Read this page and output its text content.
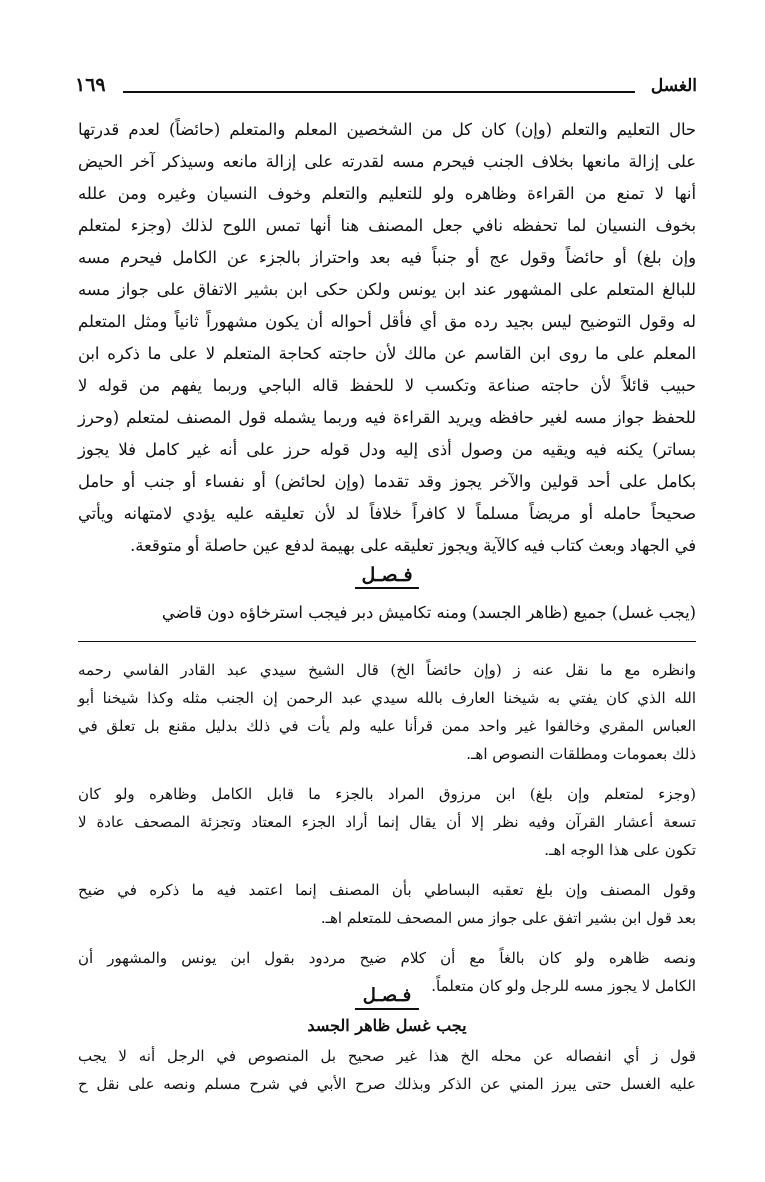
الغسل
١٦٩
حال التعليم والتعلم (وإن) كان كل من الشخصين المعلم والمتعلم (حائضاً) لعدم قدرتها
على إزالة مانعها بخلاف الجنب فيحرم مسه لقدرته على إزالة مانعه وسيذكر آخر الحيض
أنها لا تمنع من القراءة وظاهره ولو للتعليم والتعلم وخوف النسيان وغيره ومن علله
بخوف النسيان لما تحفظه نافي جعل المصنف هنا أنها تمس اللوح لذلك (وجزء لمتعلم
وإن بلغ) أو حائضاً وقول عج أو جنباً فيه بعد واحتراز بالجزء عن الكامل فيحرم مسه
للبالغ المتعلم على المشهور عند ابن يونس ولكن حكى ابن بشير الاتفاق على جواز مسه
له وقول التوضيح ليس بجيد رده مق أي فأقل أحواله أن يكون مشهوراً ثانياً ومثل المتعلم
المعلم على ما روى ابن القاسم عن مالك لأن حاجته كحاجة المتعلم لا على ما ذكره ابن
حبيب قائلاً لأن حاجته صناعة وتكسب لا للحفظ قاله الباجي وربما يفهم من قوله لا
للحفظ جواز مسه لغير حافظه ويريد القراءة فيه وربما يشمله قول المصنف لمتعلم (وحرز
بساتر) يكنه فيه ويقيه من وصول أذى إليه ودل قوله حرز على أنه غير كامل فلا يجوز
بكامل على أحد قولين والآخر يجوز وقد تقدما (وإن لحائض) أو نفساء أو جنب أو حامل
صحيحاً حامله أو مريضاً مسلماً لا كافراً خلافاً لد لأن تعليقه عليه يؤدي لامتهانه ويأتي
في الجهاد وبعث كتاب فيه كالآية ويجوز تعليقه على بهيمة لدفع عين حاصلة أو متوقعة.
فـصـل
(يجب غسل) جميع (ظاهر الجسد) ومنه تكاميش دبر فيجب استرخاؤه دون قاضي

وانظره مع ما نقل عنه ز (وإن حائضاً الخ) قال الشيخ سيدي عبد القادر الفاسي رحمه
الله الذي كان يفتي به شيخنا العارف بالله سيدي عبد الرحمن إن الجنب مثله وكذا شيخنا أبو
العباس المقري وخالفوا غير واحد ممن قرأنا عليه ولم يأت في ذلك بدليل مقنع بل تعلق في
ذلك بعمومات ومطلقات النصوص اهـ.

(وجزء لمتعلم وإن بلغ) ابن مرزوق المراد بالجزء ما قابل الكامل وظاهره ولو كان
تسعة أعشار القرآن وفيه نظر إلا أن يقال إنما أراد الجزء المعتاد وتجزئة المصحف عادة لا
تكون على هذا الوجه اهـ.

وقول المصنف وإن بلغ تعقبه البساطي بأن المصنف إنما اعتمد فيه ما ذكره في ضيح
بعد قول ابن بشير اتفق على جواز مس المصحف للمتعلم اهـ.

ونصه ظاهره ولو كان بالغاً مع أن كلام ضيح مردود بقول ابن يونس والمشهور أن
الكامل لا يجوز مسه للرجل ولو كان متعلماً.

فـصـل
يجب غسل ظاهر الجسد
قول ز أي انفصاله عن محله الخ هذا غير صحيح بل المنصوص في الرجل أنه لا يجب
عليه الغسل حتى يبرز المني عن الذكر وبذلك صرح الأبي في شرح مسلم ونصه على نقل ح
